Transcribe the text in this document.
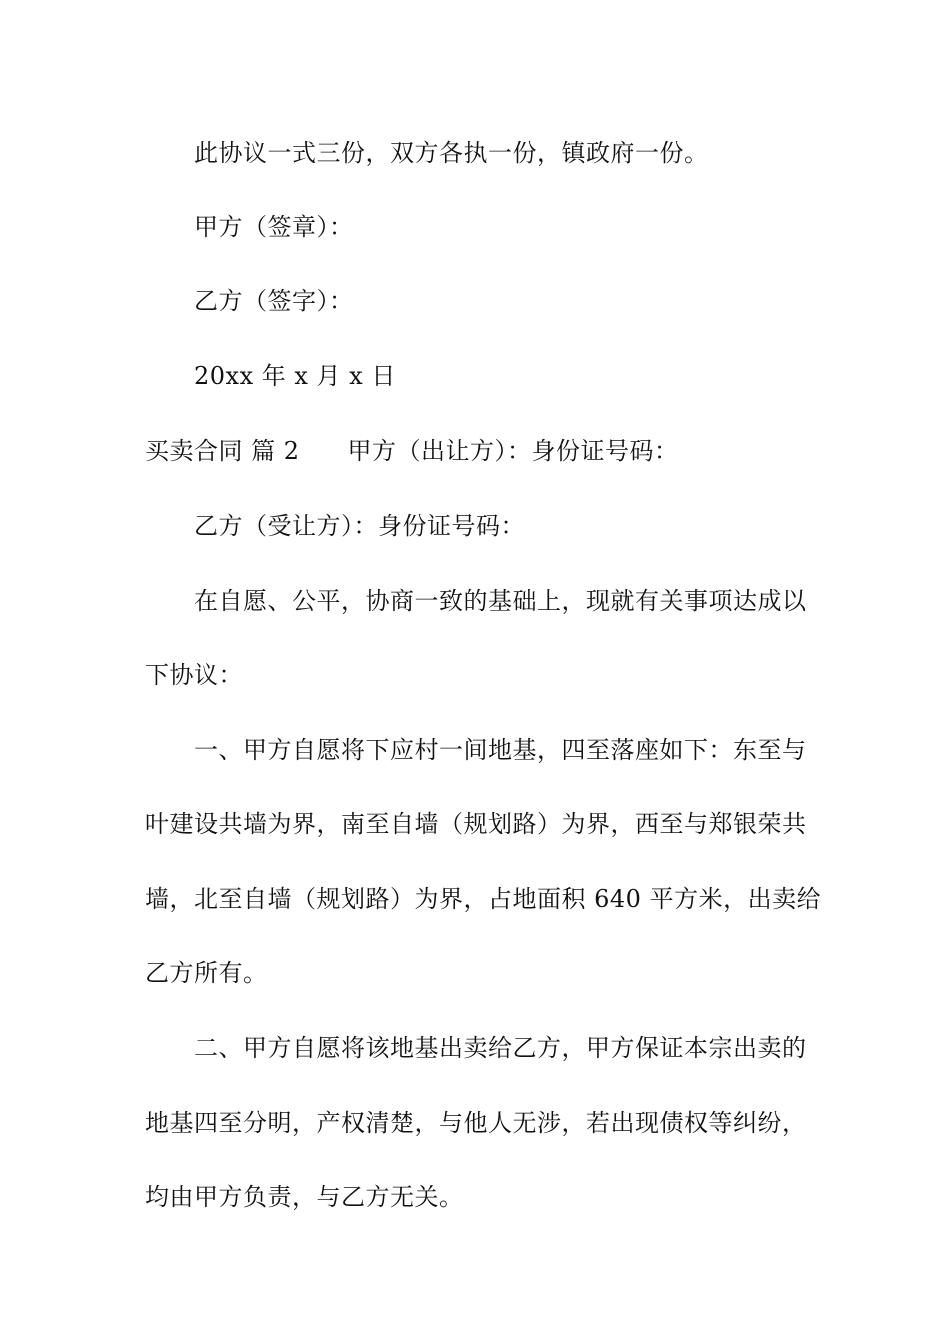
此协议一式三份，双方各执一份，镇政府一份。
甲方（签章）：
乙方（签字）：
20xx 年 x 月 x 日
买卖合同 篇 2 甲方（出让方）：身份证号码：
乙方（受让方）：身份证号码：
在自愿、公平，协商一致的基础上，现就有关事项达成以
下协议：
一、甲方自愿将下应村一间地基，四至落座如下：东至与
叶建设共墙为界，南至自墙（规划路）为界，西至与郑银荣共
墙，北至自墙（规划路）为界，占地面积 640 平方米，出卖给
乙方所有。
二、甲方自愿将该地基出卖给乙方，甲方保证本宗出卖的
地基四至分明，产权清楚，与他人无涉，若出现债权等纠纷，
均由甲方负责，与乙方无关。
